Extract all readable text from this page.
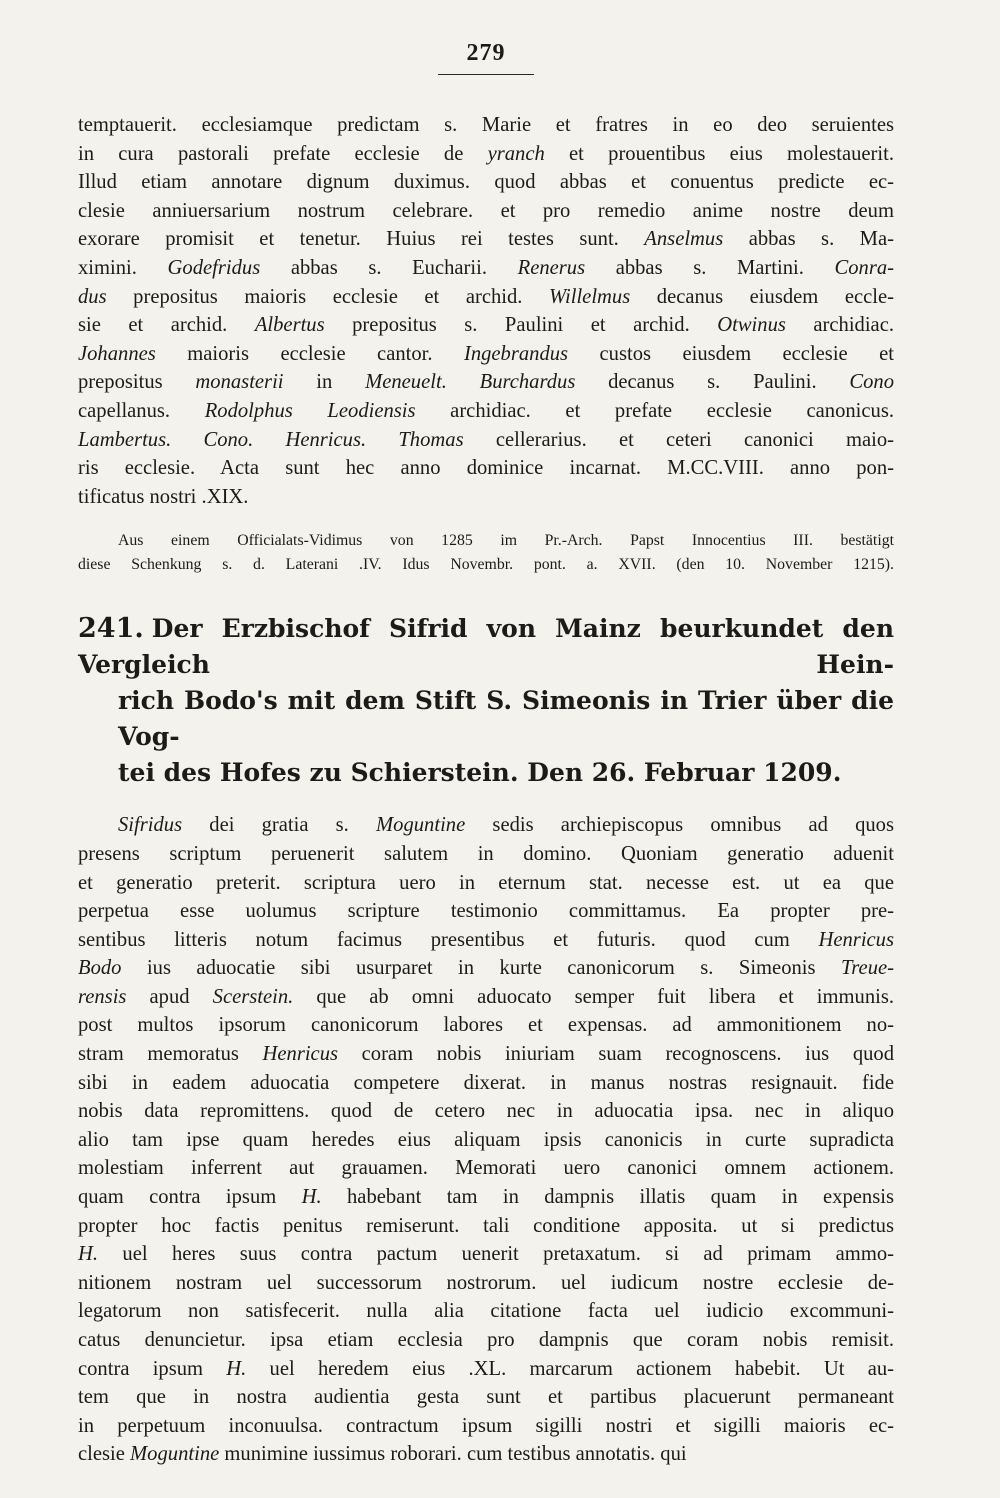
279
temptauerit. ecclesiamque predictam s. Marie et fratres in eo deo seruientes
in cura pastorali prefate ecclesie de yranch et prouentibus eius molestauerit.
Illud etiam annotare dignum duximus. quod abbas et conuentus predicte ec-
clesie anniuersarium nostrum celebrare. et pro remedio anime nostre deum
exorare promisit et tenetur. Huius rei testes sunt. Anselmus abbas s. Ma-
ximini. Godefridus abbas s. Eucharii. Renerus abbas s. Martini. Conra-
dus prepositus maioris ecclesie et archid. Willelmus decanus eiusdem eccle-
sie et archid. Albertus prepositus s. Paulini et archid. Otwinus archidiac.
Johannes maioris ecclesie cantor. Ingebrandus custos eiusdem ecclesie et
prepositus monasterii in Meneuelt. Burchardus decanus s. Paulini. Cono
capellanus. Rodolphus Leodiensis archidiac. et prefate ecclesie canonicus.
Lambertus. Cono. Henricus. Thomas cellerarius. et ceteri canonici maio-
ris ecclesie. Acta sunt hec anno dominice incarnat. M.CC.VIII. anno pon-
tificatus nostri .XIX.
Aus einem Officialats-Vidimus von 1285 im Pr.-Arch. Papst Innocentius III. bestätigt
diese Schenkung s. d. Laterani .IV. Idus Novembr. pont. a. XVII. (den 10. November 1215).
241. Der Erzbischof Sifrid von Mainz beurkundet den Vergleich Hein-
rich Bodo's mit dem Stift S. Simeonis in Trier über die Vog-
tei des Hofes zu Schierstein. Den 26. Februar 1209.
Sifridus dei gratia s. Moguntine sedis archiepiscopus omnibus ad quos
presens scriptum peruenerit salutem in domino. Quoniam generatio aduenit
et generatio preterit. scriptura uero in eternum stat. necesse est. ut ea que
perpetua esse uolumus scripture testimonio committamus. Ea propter pre-
sentibus litteris notum facimus presentibus et futuris. quod cum Henricus
Bodo ius aduocatie sibi usurparet in kurte canonicorum s. Simeonis Treue-
rensis apud Scerstein. que ab omni aduocato semper fuit libera et immunis.
post multos ipsorum canonicorum labores et expensas. ad ammonitionem no-
stram memoratus Henricus coram nobis iniuriam suam recognoscens. ius quod
sibi in eadem aduocatia competere dixerat. in manus nostras resignauit. fide
nobis data repromittens. quod de cetero nec in aduocatia ipsa. nec in aliquo
alio tam ipse quam heredes eius aliquam ipsis canonicis in curte supradicta
molestiam inferrent aut grauamen. Memorati uero canonici omnem actionem.
quam contra ipsum H. habebant tam in dampnis illatis quam in expensis
propter hoc factis penitus remiserunt. tali conditione apposita. ut si predictus
H. uel heres suus contra pactum uenerit pretaxatum. si ad primam ammo-
nitionem nostram uel successorum nostrorum. uel iudicum nostre ecclesie de-
legatorum non satisfecerit. nulla alia citatione facta uel iudicio excommuni-
catus denuncietur. ipsa etiam ecclesia pro dampnis que coram nobis remisit.
contra ipsum H. uel heredem eius .XL. marcarum actionem habebit. Ut au-
tem que in nostra audientia gesta sunt et partibus placuerunt permaneant
in perpetuum inconuulsa. contractum ipsum sigilli nostri et sigilli maioris ec-
clesie Moguntine munimine iussimus roborari. cum testibus annotatis. qui
